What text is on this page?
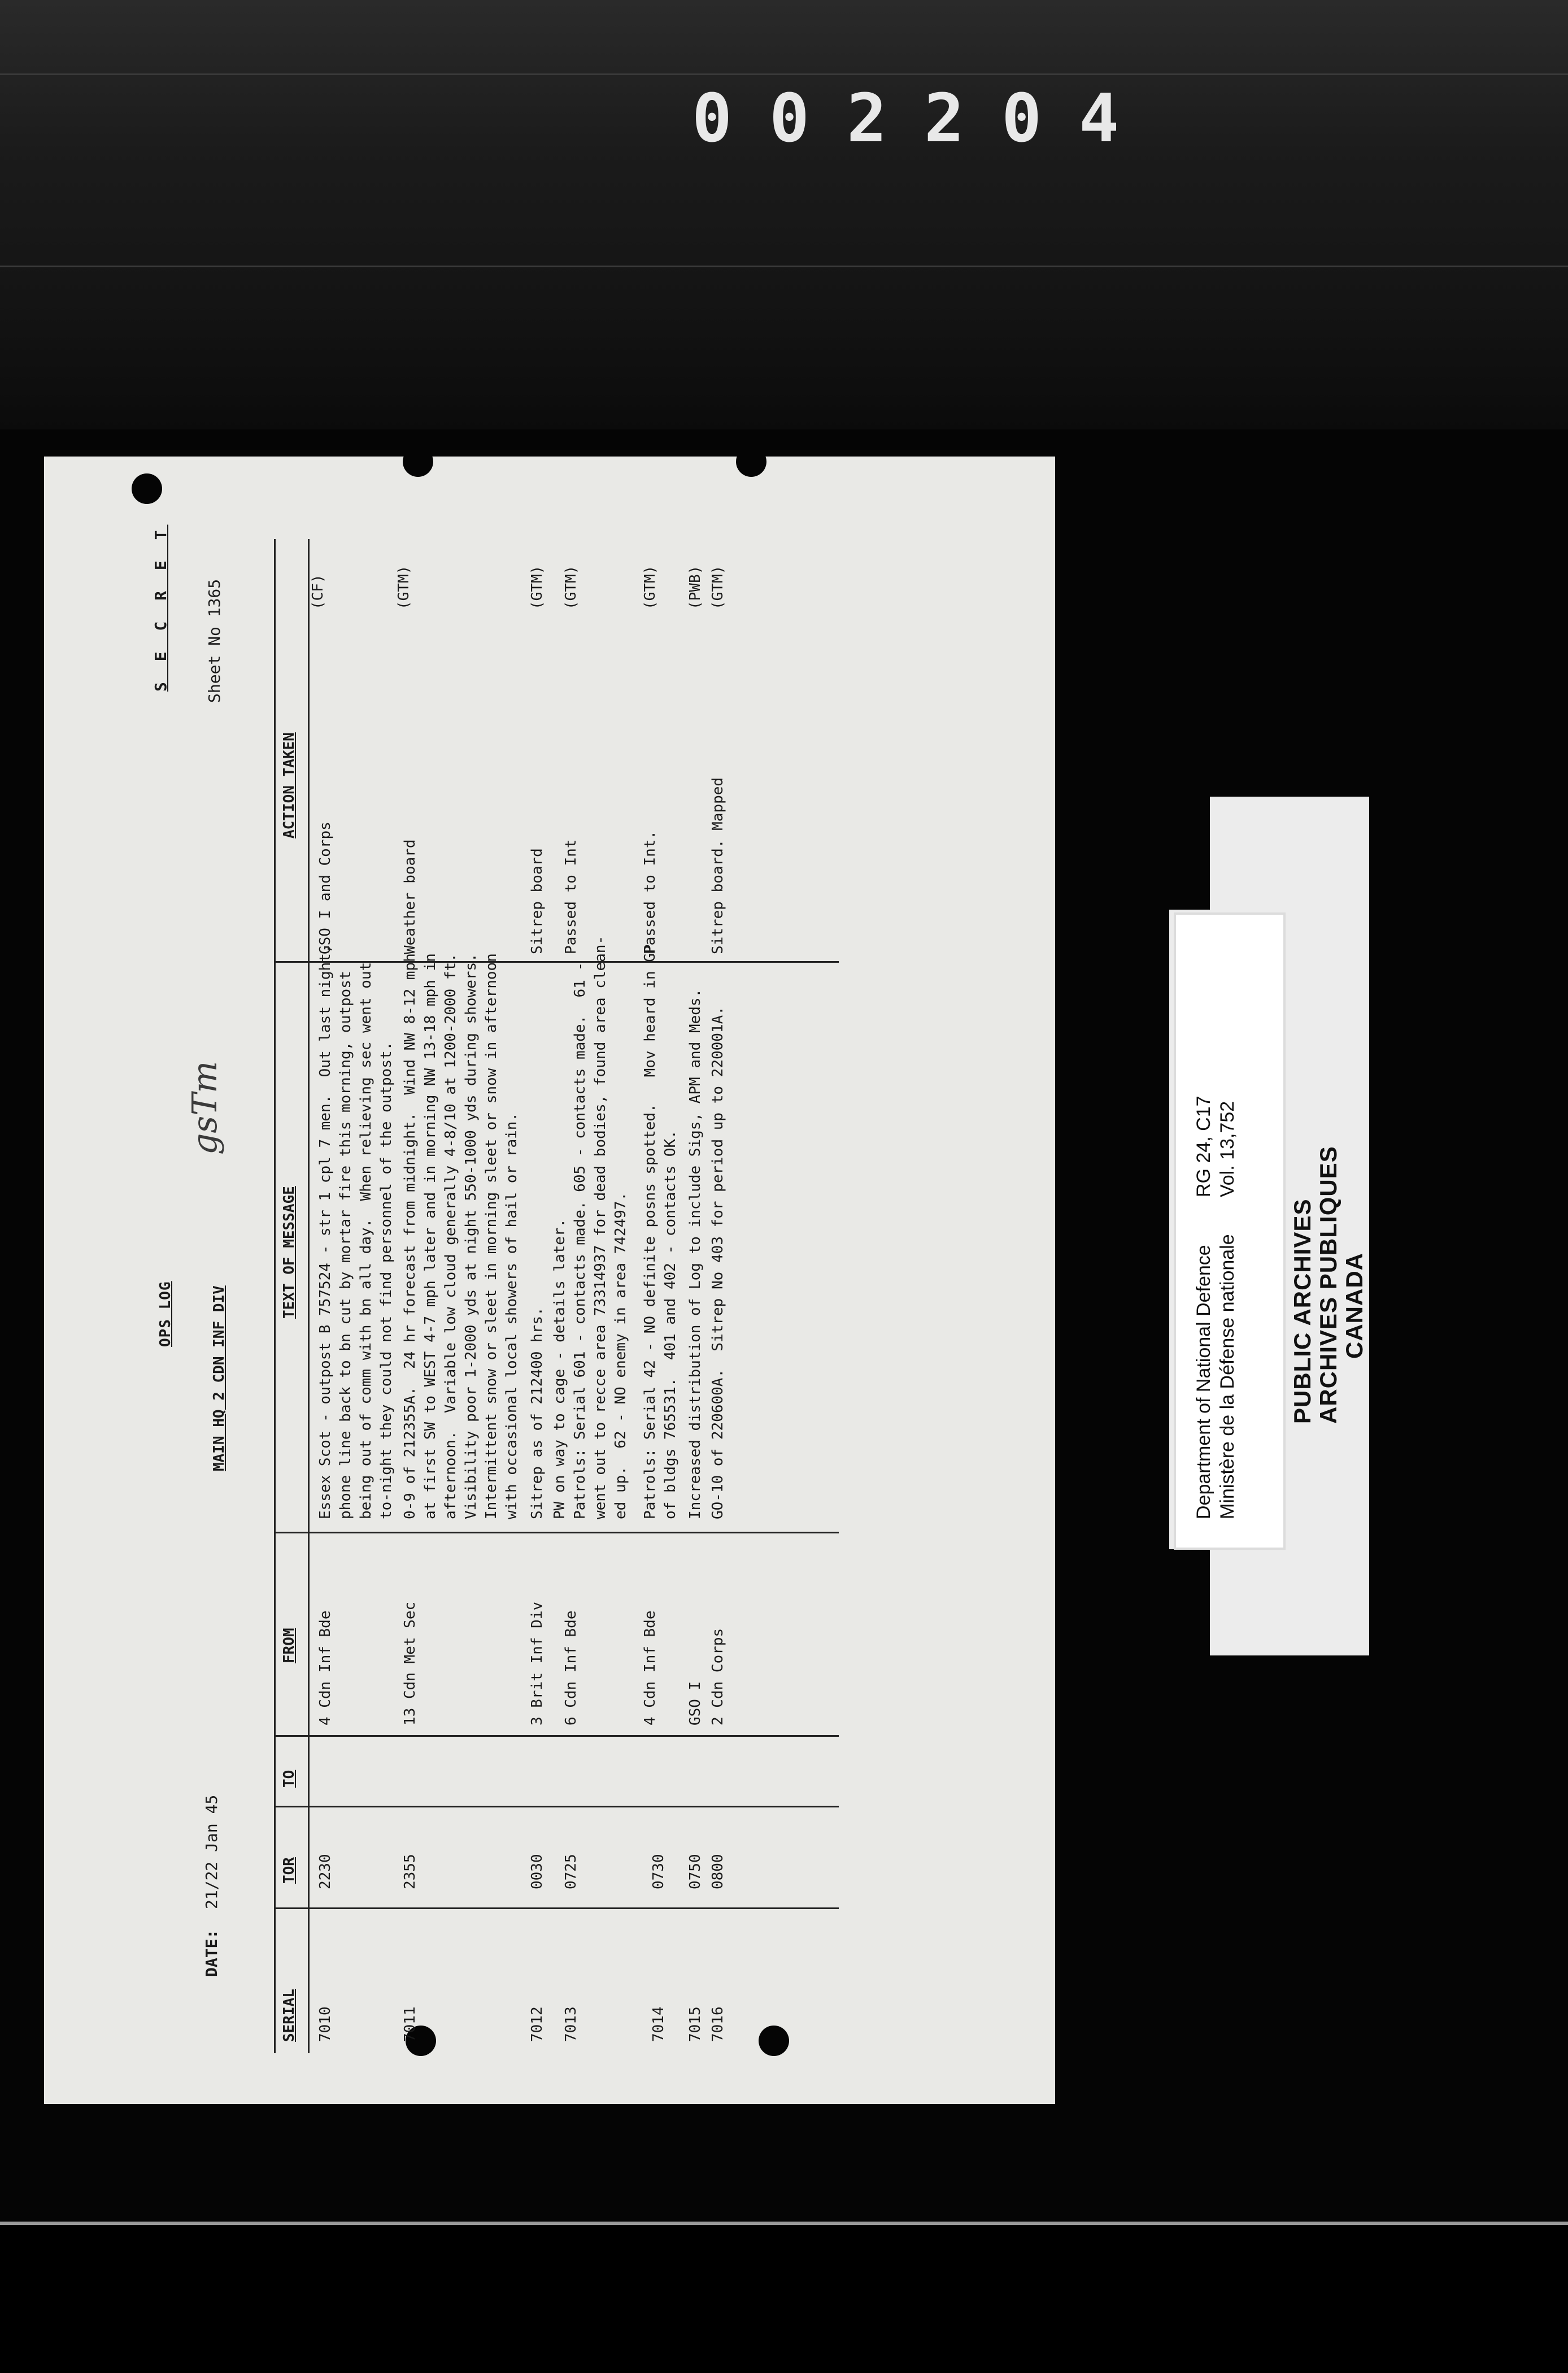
002204
OPS LOG	MAIN HQ 2 CDN INF DIV
S E C R E T Sheet No 1365
DATE:
21/22 Jan 45
gsTm
SERIAL
TOR
TO
FROM
TEXT OF MESSAGE
ACTION TAKEN
7010
2230
4 Cdn Inf Bde
Essex Scot - outpost B 757524 - str 1 cpl 7 men.  Out last night,
phone line back to bn cut by mortar fire this morning, outpost
being out of comm with bn all day.  When relieving sec went out
to-night they could not find personnel of the outpost.
GSO I and Corps
(CF)
7011
2355
13 Cdn Met Sec
0-9 of 212355A.  24 hr forecast from midnight.  Wind NW 8-12 mph
at first SW to WEST 4-7 mph later and in morning NW 13-18 mph in
afternoon.  Variable low cloud generally 4-8/10 at 1200-2000 ft.
Visibility poor 1-2000 yds at night 550-1000 yds during showers.
Intermittent snow or sleet in morning sleet or snow in afternoon
with occasional local showers of hail or rain.
Weather board
(GTM)
7012
0030
3 Brit Inf Div
Sitrep as of 212400 hrs.
Sitrep board
(GTM)
7013
0725
6 Cdn Inf Bde
PW on way to cage - details later.
Patrols: Serial 601 - contacts made. 605 - contacts made.  61 -
went out to recce area 73314937 for dead bodies, found area clean-
ed up.  62 - NO enemy in area 742497.
Passed to Int
(GTM)
7014
0730
4 Cdn Inf Bde
Patrols: Serial 42 - NO definite posns spotted.   Mov heard in GP
of bldgs 765531.  401 and 402 - contacts OK.
Passed to Int.
(GTM)
7015
0750
GSO I
Increased distribution of Log to include Sigs, APM and Meds.
(PWB)
7016
0800
2 Cdn Corps
GO-10 of 220600A.  Sitrep No 403 for period up to 220001A.
Sitrep board. Mapped
(GTM)
PUBLIC ARCHIVES ARCHIVES PUBLIQUES CANADA
Department of National Defence Ministère de la Défense nationale
RG 24, C17 Vol. 13,752
